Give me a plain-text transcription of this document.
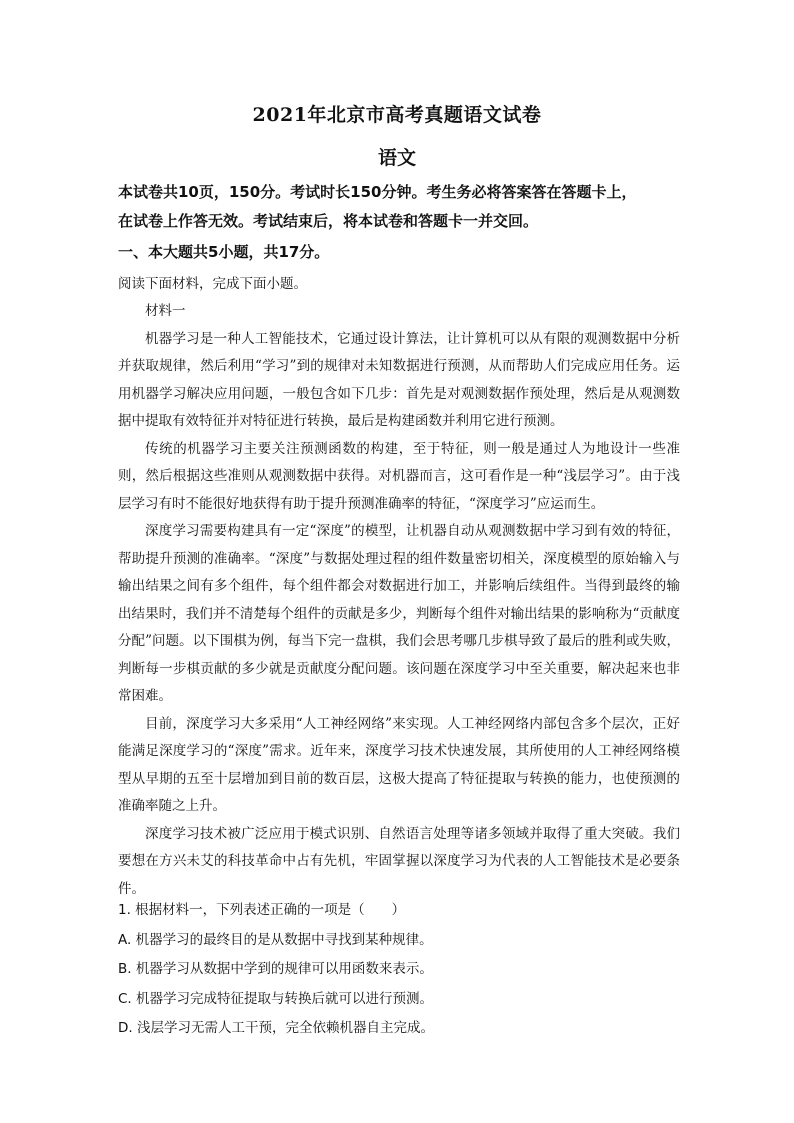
2021年北京市高考真题语文试卷
语文

本试卷共10页，150分。考试时长150分钟。考生务必将答案答在答题卡上，

在试卷上作答无效。考试结束后，将本试卷和答题卡一并交回。

一、本大题共5小题，共17分。
阅读下面材料，完成下面小题。

材料一

机器学习是一种人工智能技术，它通过设计算法，让计算机可以从有限的观测数据中分析并获取规律，然后利用“学习”到的规律对未知数据进行预测，从而帮助人们完成应用任务。运用机器学习解决应用问题，一般包含如下几步：首先是对观测数据作预处理，然后是从观测数据中提取有效特征并对特征进行转换，最后是构建函数并利用它进行预测。

传统的机器学习主要关注预测函数的构建，至于特征，则一般是通过人为地设计一些准则，然后根据这些准则从观测数据中获得。对机器而言，这可看作是一种“浅层学习”。由于浅层学习有时不能很好地获得有助于提升预测准确率的特征，“深度学习”应运而生。

深度学习需要构建具有一定“深度”的模型，让机器自动从观测数据中学习到有效的特征，帮助提升预测的准确率。“深度”与数据处理过程的组件数量密切相关，深度模型的原始输入与输出结果之间有多个组件，每个组件都会对数据进行加工，并影响后续组件。当得到最终的输出结果时，我们并不清楚每个组件的贡献是多少，判断每个组件对输出结果的影响称为“贡献度分配”问题。以下围棋为例，每当下完一盘棋，我们会思考哪几步棋导致了最后的胜利或失败，判断每一步棋贡献的多少就是贡献度分配问题。该问题在深度学习中至关重要，解决起来也非常困难。

目前，深度学习大多采用“人工神经网络”来实现。人工神经网络内部包含多个层次，正好能满足深度学习的“深度”需求。近年来，深度学习技术快速发展，其所使用的人工神经网络模型从早期的五至十层增加到目前的数百层，这极大提高了特征提取与转换的能力，也使预测的准确率随之上升。

深度学习技术被广泛应用于模式识别、自然语言处理等诸多领域并取得了重大突破。我们要想在方兴未艾的科技革命中占有先机，牢固掌握以深度学习为代表的人工智能技术是必要条件。

1. 根据材料一，下列表述正确的一项是（　　）

A. 机器学习的最终目的是从数据中寻找到某种规律。

B. 机器学习从数据中学到的规律可以用函数来表示。

C. 机器学习完成特征提取与转换后就可以进行预测。

D. 浅层学习无需人工干预，完全依赖机器自主完成。
